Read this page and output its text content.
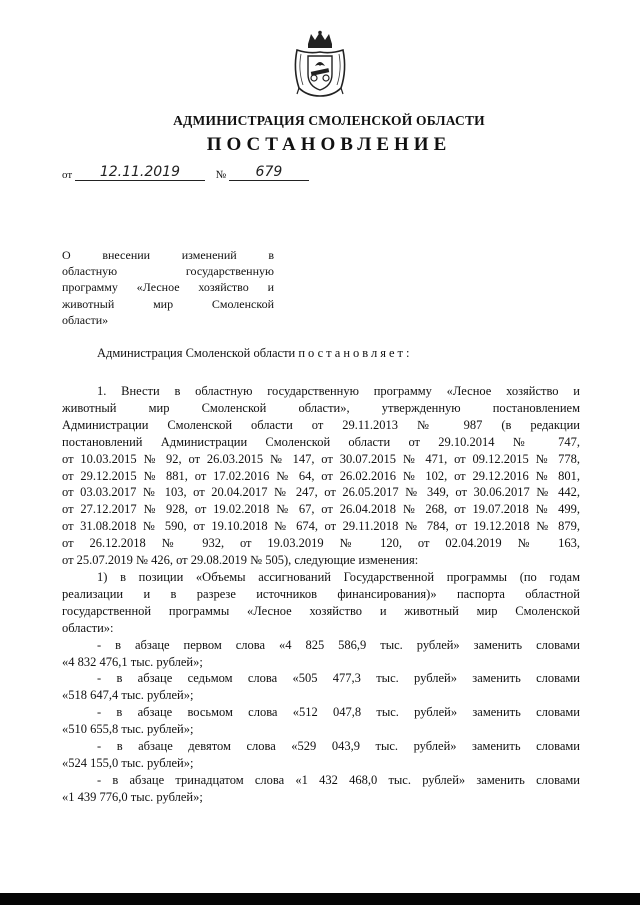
АДМИНИСТРАЦИЯ СМОЛЕНСКОЙ ОБЛАСТИ
ПОСТАНОВЛЕНИЕ
от 12.11.2019	№ 679
О внесении изменений в
областную государственную
программу «Лесное хозяйство и
животный мир Смоленской
области»
Администрация Смоленской области постановляет:
1. Внести в областную государственную программу «Лесное хозяйство и
животный мир Смоленской области», утвержденную постановлением
Администрации Смоленской области от 29.11.2013 № 987 (в редакции
постановлений Администрации Смоленской области от 29.10.2014 № 747,
от 10.03.2015 № 92, от 26.03.2015 № 147, от 30.07.2015 № 471, от 09.12.2015 № 778,
от 29.12.2015 № 881, от 17.02.2016 № 64, от 26.02.2016 № 102, от 29.12.2016 № 801,
от 03.03.2017 № 103, от 20.04.2017 № 247, от 26.05.2017 № 349, от 30.06.2017 № 442,
от 27.12.2017 № 928, от 19.02.2018 № 67, от 26.04.2018 № 268, от 19.07.2018 № 499,
от 31.08.2018 № 590, от 19.10.2018 № 674, от 29.11.2018 № 784, от 19.12.2018 № 879,
от 26.12.2018 № 932, от 19.03.2019 № 120, от 02.04.2019 № 163,
от 25.07.2019 № 426, от 29.08.2019 № 505), следующие изменения:
1) в позиции «Объемы ассигнований Государственной программы (по годам
реализации и в разрезе источников финансирования)» паспорта областной
государственной программы «Лесное хозяйство и животный мир Смоленской
области»:
- в абзаце первом слова «4 825 586,9 тыс. рублей» заменить словами
«4 832 476,1 тыс. рублей»;
- в абзаце седьмом слова «505 477,3 тыс. рублей» заменить словами
«518 647,4 тыс. рублей»;
- в абзаце восьмом слова «512 047,8 тыс. рублей» заменить словами
«510 655,8 тыс. рублей»;
- в абзаце девятом слова «529 043,9 тыс. рублей» заменить словами
«524 155,0 тыс. рублей»;
- в абзаце тринадцатом слова «1 432 468,0 тыс. рублей» заменить словами
«1 439 776,0 тыс. рублей»;
